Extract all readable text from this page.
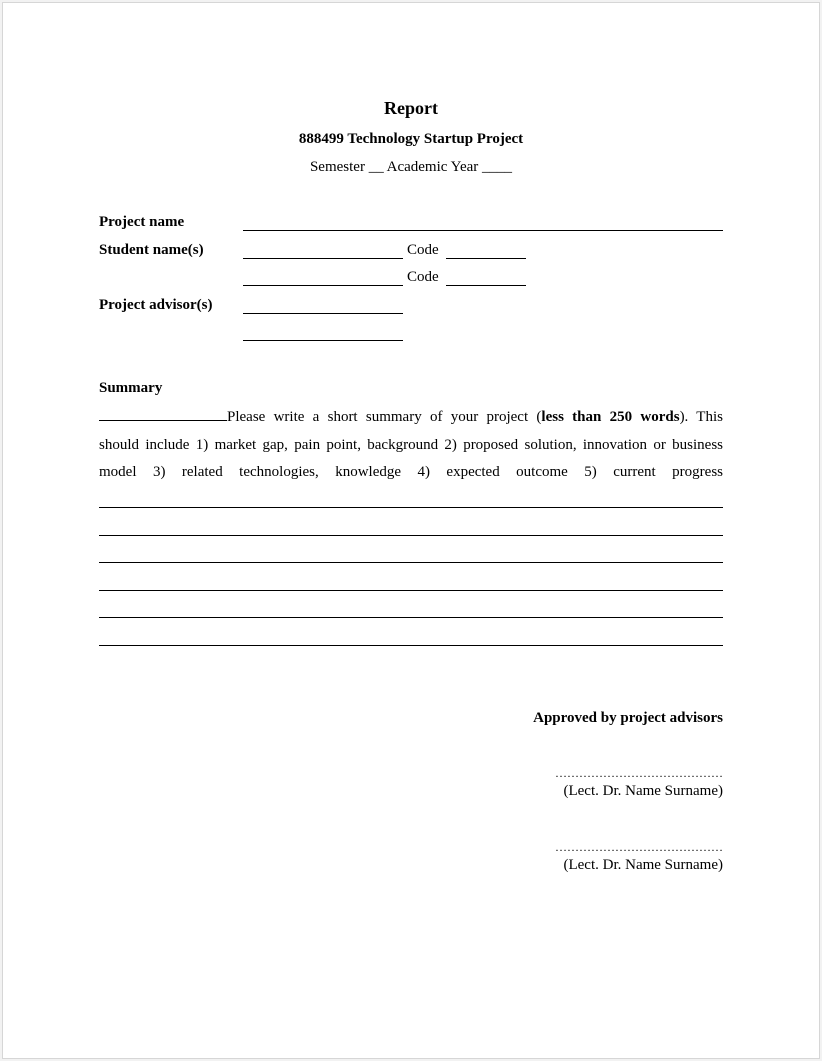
Report
888499 Technology Startup Project
Semester __ Academic Year ____
Project name
Student name(s)	Code
Code
Project advisor(s)
Summary
Please write a short summary of your project (less than 250 words). This
should include 1) market gap, pain point, background 2) proposed solution, innovation or business
model 3) related technologies, knowledge 4) expected outcome 5) current progress
Approved by project advisors
……………………………………
(Lect. Dr. Name Surname)
……………………………………
(Lect. Dr. Name Surname)
